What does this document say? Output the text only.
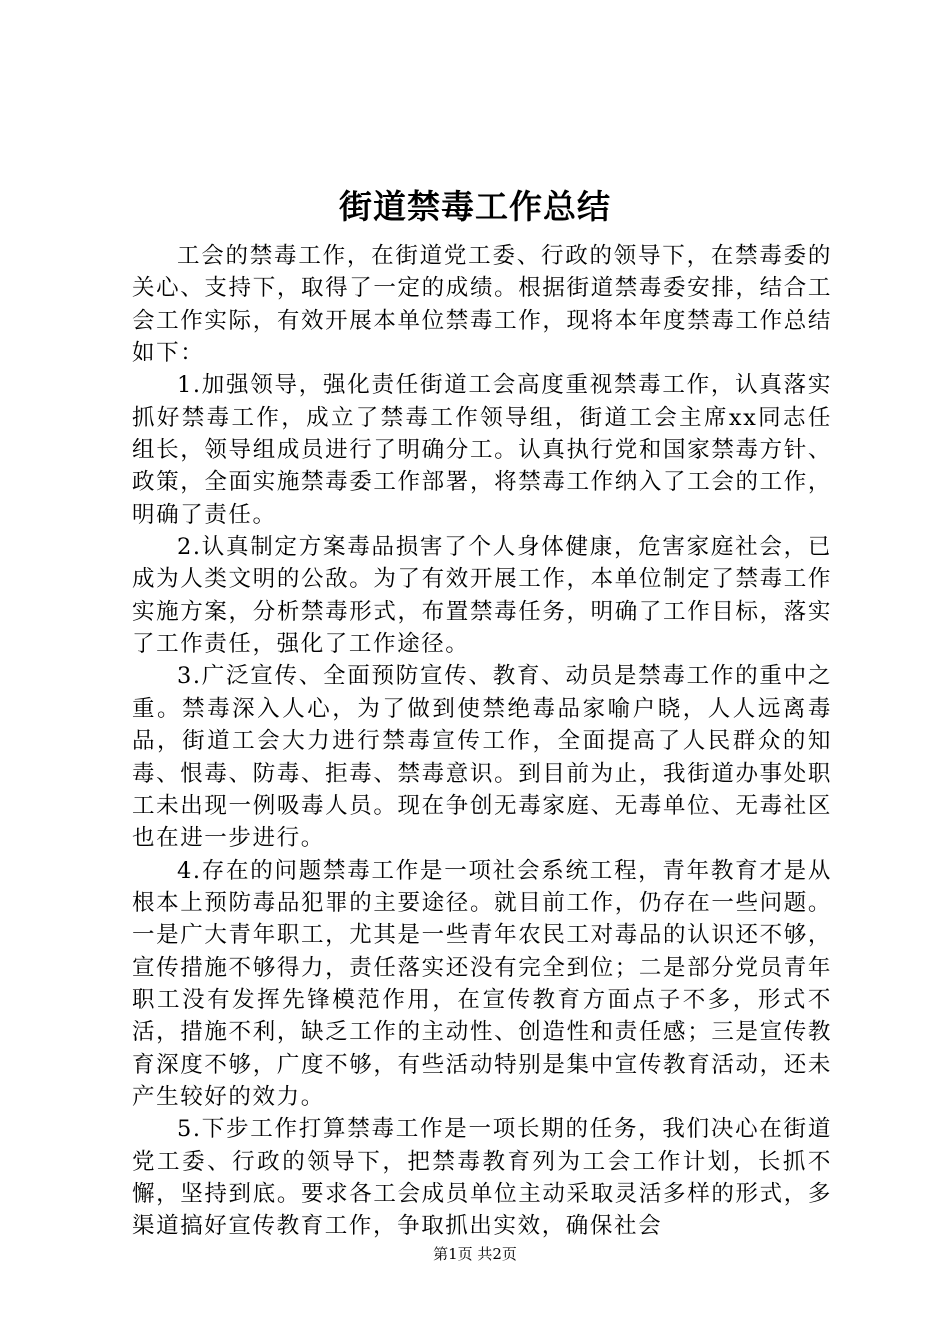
街道禁毒工作总结

工会的禁毒工作，在街道党工委、行政的领导下，在禁毒委的关心、支持下，取得了一定的成绩。根据街道禁毒委安排，结合工会工作实际，有效开展本单位禁毒工作，现将本年度禁毒工作总结如下：

1.加强领导，强化责任街道工会高度重视禁毒工作，认真落实抓好禁毒工作，成立了禁毒工作领导组，街道工会主席xx同志任组长，领导组成员进行了明确分工。认真执行党和国家禁毒方针、政策，全面实施禁毒委工作部署，将禁毒工作纳入了工会的工作，明确了责任。

2.认真制定方案毒品损害了个人身体健康，危害家庭社会，已成为人类文明的公敌。为了有效开展工作，本单位制定了禁毒工作实施方案，分析禁毒形式，布置禁毒任务，明确了工作目标，落实了工作责任，强化了工作途径。

3.广泛宣传、全面预防宣传、教育、动员是禁毒工作的重中之重。禁毒深入人心，为了做到使禁绝毒品家喻户晓，人人远离毒品，街道工会大力进行禁毒宣传工作，全面提高了人民群众的知毒、恨毒、防毒、拒毒、禁毒意识。到目前为止，我街道办事处职工未出现一例吸毒人员。现在争创无毒家庭、无毒单位、无毒社区也在进一步进行。

4.存在的问题禁毒工作是一项社会系统工程，青年教育才是从根本上预防毒品犯罪的主要途径。就目前工作，仍存在一些问题。一是广大青年职工，尤其是一些青年农民工对毒品的认识还不够，宣传措施不够得力，责任落实还没有完全到位；二是部分党员青年职工没有发挥先锋模范作用，在宣传教育方面点子不多，形式不活，措施不利，缺乏工作的主动性、创造性和责任感；三是宣传教育深度不够，广度不够，有些活动特别是集中宣传教育活动，还未产生较好的效力。

5.下步工作打算禁毒工作是一项长期的任务，我们决心在街道党工委、行政的领导下，把禁毒教育列为工会工作计划，长抓不懈，坚持到底。要求各工会成员单位主动采取灵活多样的形式，多渠道搞好宣传教育工作，争取抓出实效，确保社会

第1页 共2页
